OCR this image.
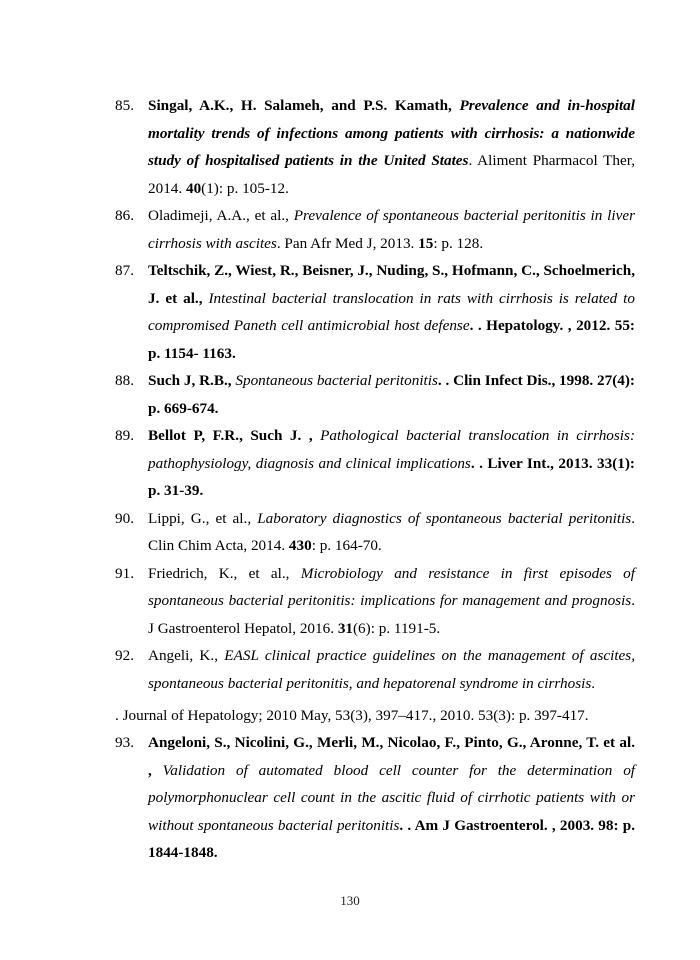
85. Singal, A.K., H. Salameh, and P.S. Kamath, Prevalence and in-hospital mortality trends of infections among patients with cirrhosis: a nationwide study of hospitalised patients in the United States. Aliment Pharmacol Ther, 2014. 40(1): p. 105-12.
86. Oladimeji, A.A., et al., Prevalence of spontaneous bacterial peritonitis in liver cirrhosis with ascites. Pan Afr Med J, 2013. 15: p. 128.
87. Teltschik, Z., Wiest, R., Beisner, J., Nuding, S., Hofmann, C., Schoelmerich, J. et al., Intestinal bacterial translocation in rats with cirrhosis is related to compromised Paneth cell antimicrobial host defense. . Hepatology. , 2012. 55: p. 1154- 1163.
88. Such J, R.B., Spontaneous bacterial peritonitis. . Clin Infect Dis., 1998. 27(4): p. 669-674.
89. Bellot P, F.R., Such J. , Pathological bacterial translocation in cirrhosis: pathophysiology, diagnosis and clinical implications. . Liver Int., 2013. 33(1): p. 31-39.
90. Lippi, G., et al., Laboratory diagnostics of spontaneous bacterial peritonitis. Clin Chim Acta, 2014. 430: p. 164-70.
91. Friedrich, K., et al., Microbiology and resistance in first episodes of spontaneous bacterial peritonitis: implications for management and prognosis. J Gastroenterol Hepatol, 2016. 31(6): p. 1191-5.
92. Angeli, K., EASL clinical practice guidelines on the management of ascites, spontaneous bacterial peritonitis, and hepatorenal syndrome in cirrhosis.
. Journal of Hepatology; 2010 May, 53(3), 397–417., 2010. 53(3): p. 397-417.
93. Angeloni, S., Nicolini, G., Merli, M., Nicolao, F., Pinto, G., Aronne, T. et al. , Validation of automated blood cell counter for the determination of polymorphonuclear cell count in the ascitic fluid of cirrhotic patients with or without spontaneous bacterial peritonitis. . Am J Gastroenterol. , 2003. 98: p. 1844-1848.
130
